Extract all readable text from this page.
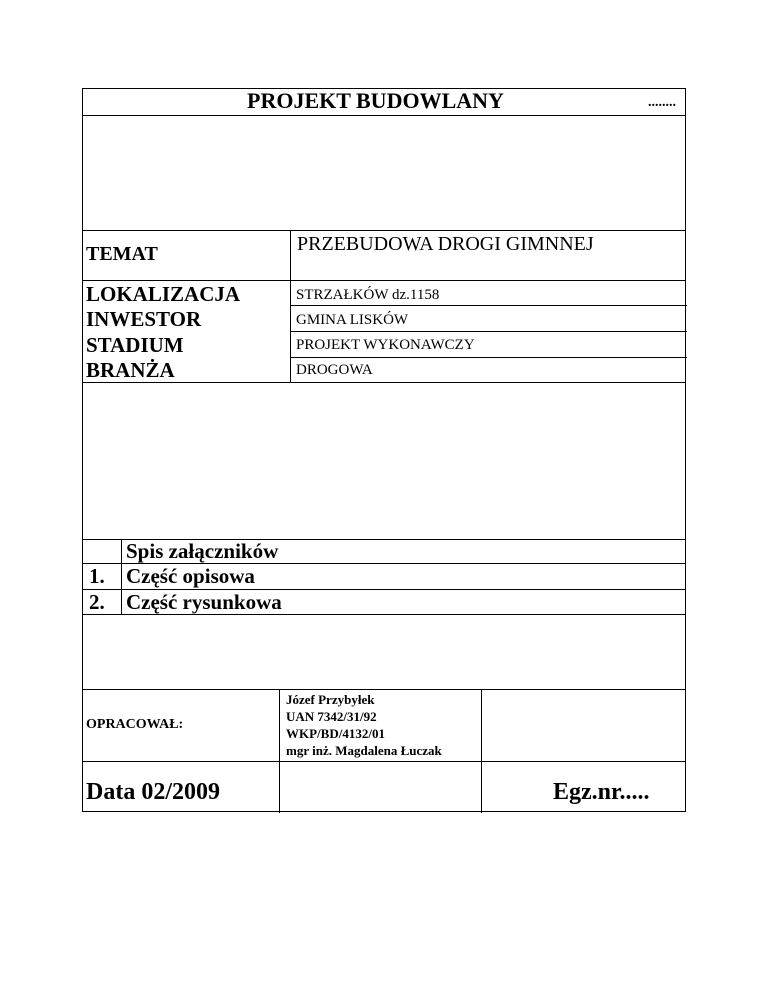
PROJEKT BUDOWLANY	........
TEMAT
LOKALIZACJA
INWESTOR
STADIUM
BRANŻA
PRZEBUDOWA DROGI GIMNNEJ
STRZAŁKÓW dz.1158
GMINA LISKÓW
PROJEKT WYKONAWCZY
DROGOWA
Spis załączników
1. Część opisowa
2. Część rysunkowa
OPRACOWAŁ:
Józef Przybyłek
UAN 7342/31/92
WKP/BD/4132/01
mgr inż. Magdalena Łuczak
Data 02/2009	Egz.nr.....
